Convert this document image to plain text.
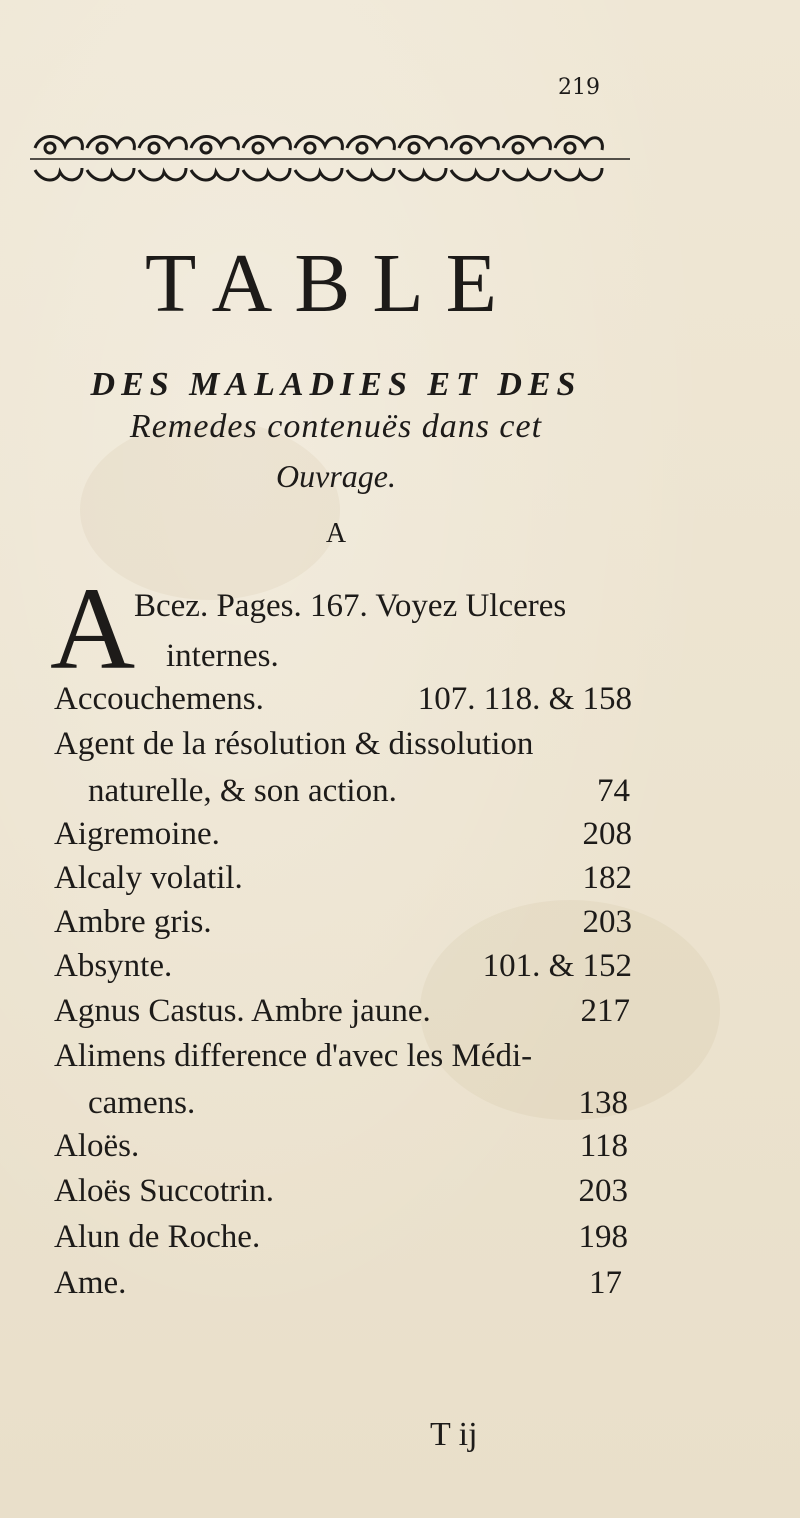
219
TABLE
DES MALADIES ET DES
Remedes contenuës dans cet
Ouvrage.
A
A
Bcez. Pages. 167. Voyez Ulceres
internes.
Accouchemens.	107. 118. & 158
Agent de la résolution & dissolution
naturelle, & son action.	74
Aigremoine.	208
Alcaly volatil.	182
Ambre gris.	203
Absynte.	101. & 152
Agnus Castus. Ambre jaune.	217
Alimens difference d'avec les Médi-
camens.	138
Aloës.	118
Aloës Succotrin.	203
Alun de Roche.	198
Ame.	17
T ij
